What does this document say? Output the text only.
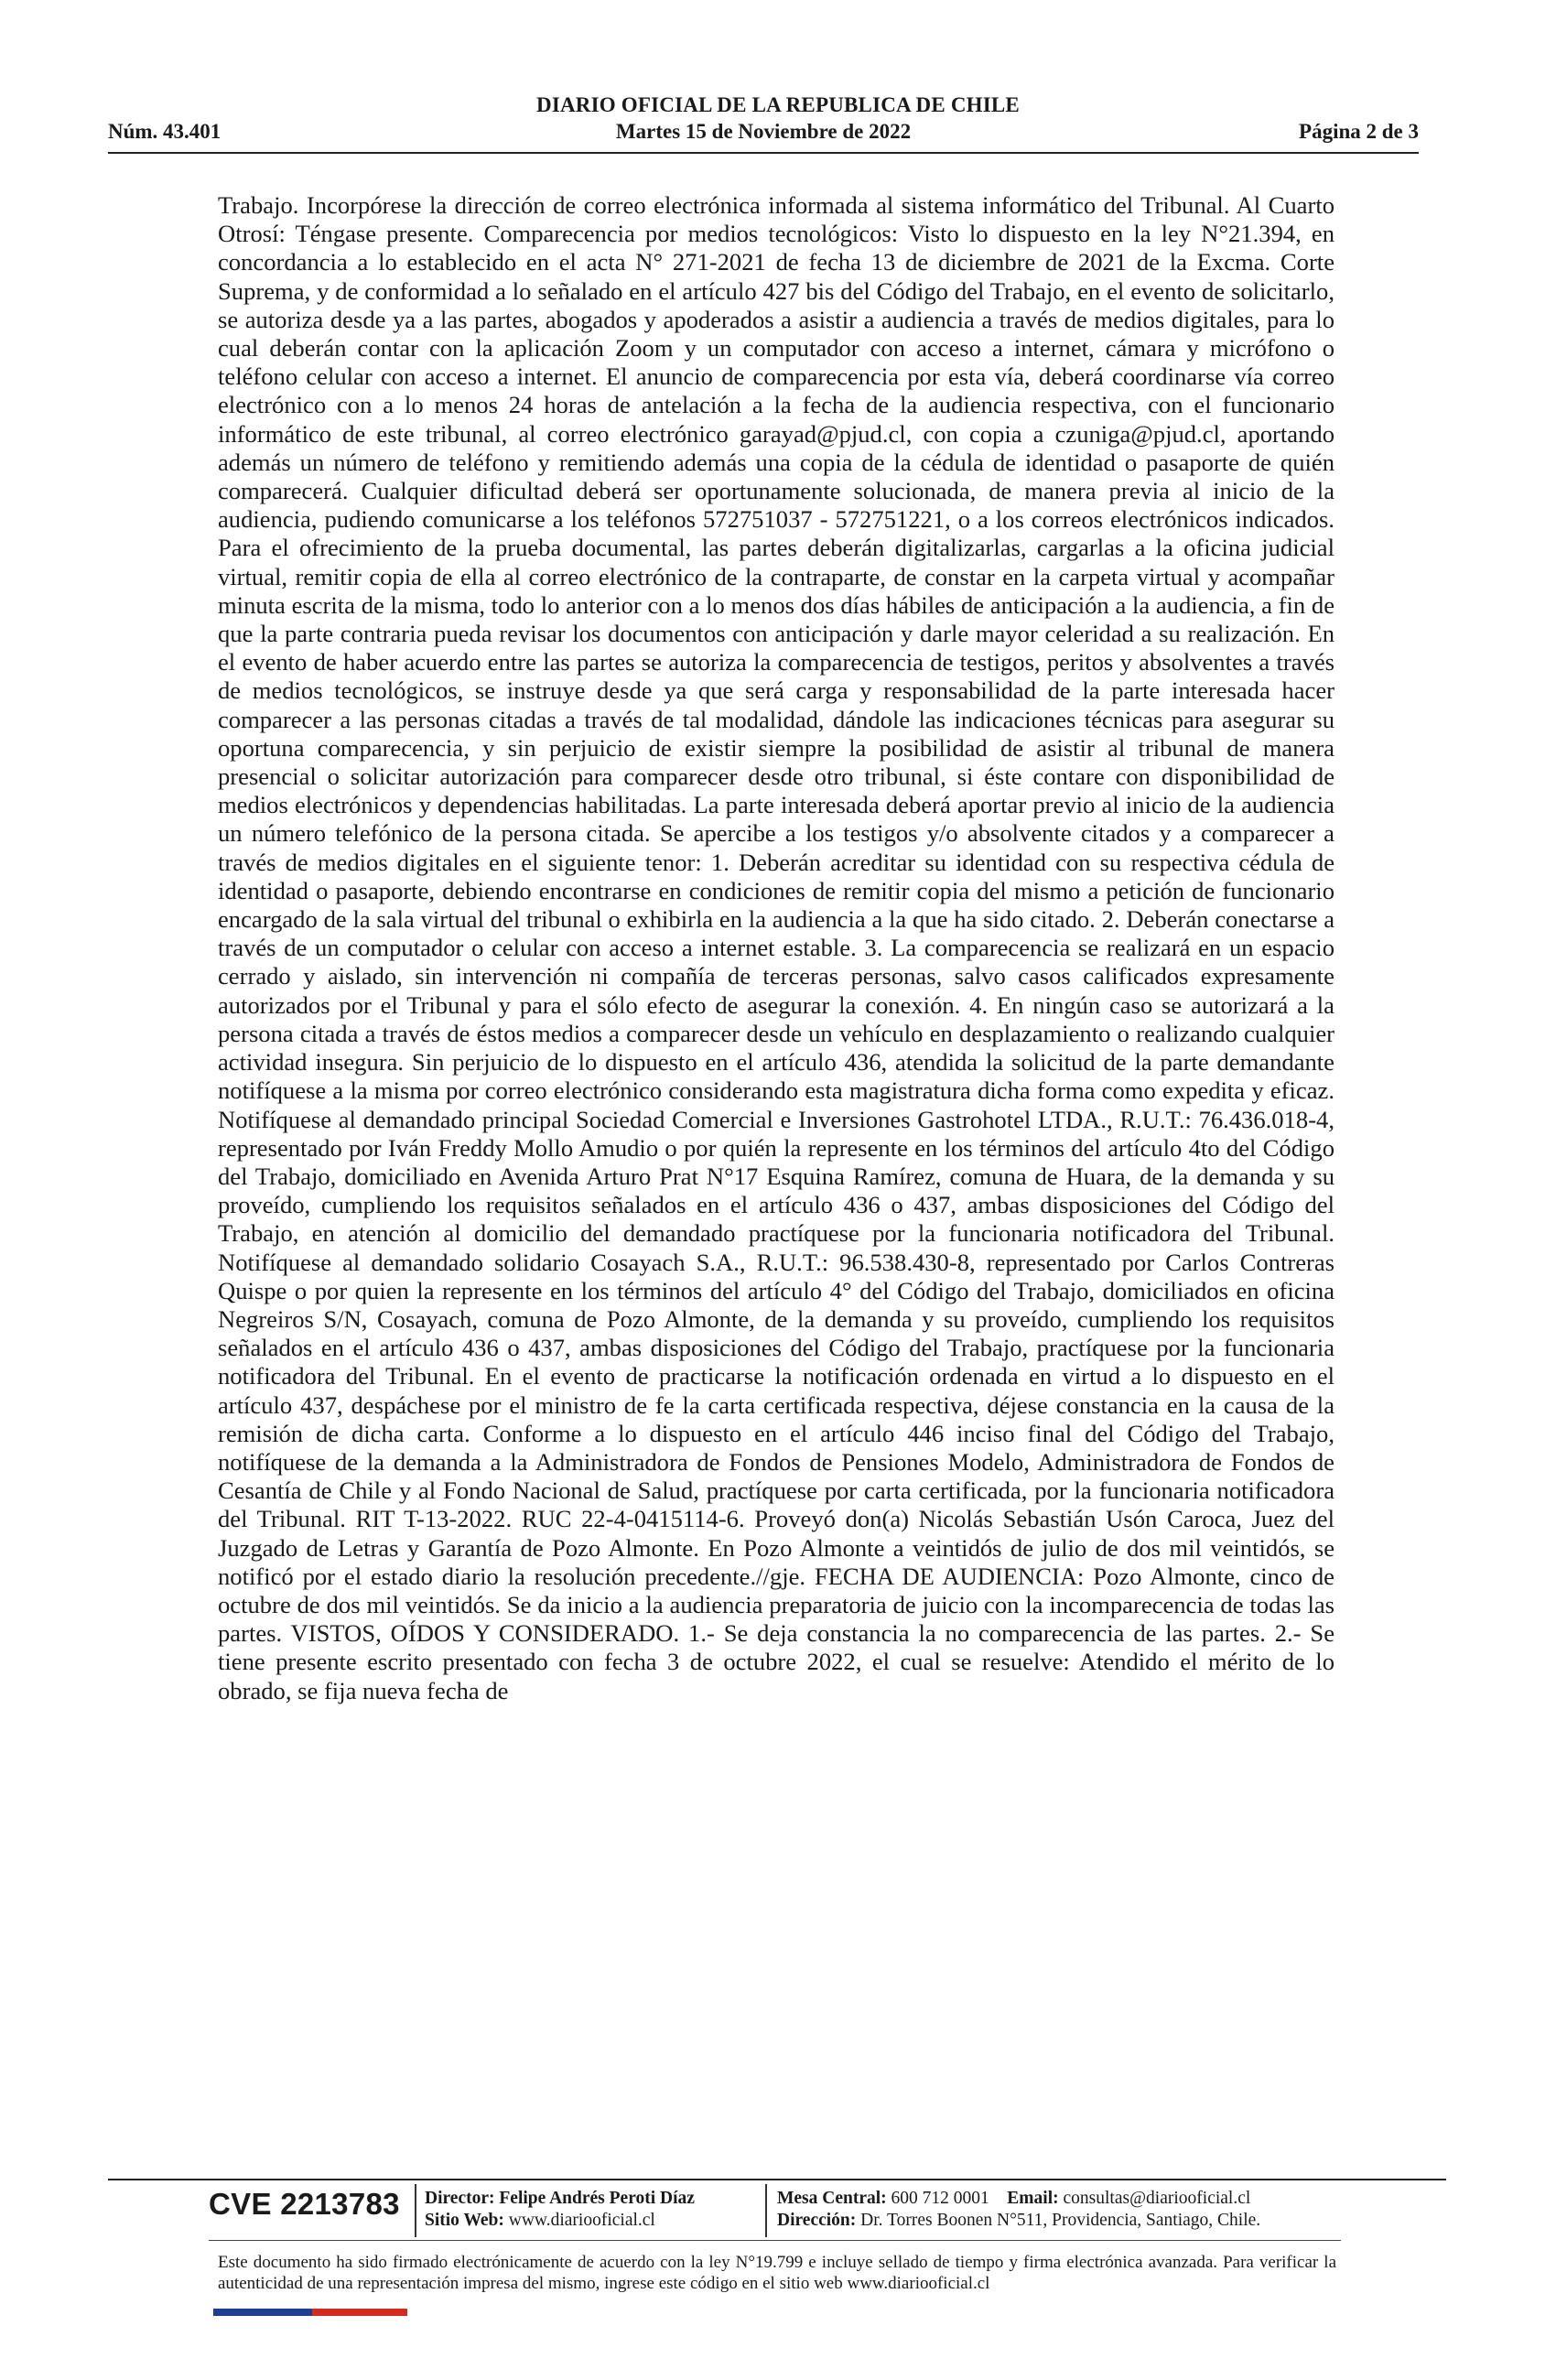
DIARIO OFICIAL DE LA REPUBLICA DE CHILE
Núm. 43.401	Martes 15 de Noviembre de 2022	Página 2 de 3

Trabajo. Incorpórese la dirección de correo electrónica informada al sistema informático del Tribunal. Al Cuarto Otrosí: Téngase presente. Comparecencia por medios tecnológicos: Visto lo dispuesto en la ley N°21.394, en concordancia a lo establecido en el acta N° 271-2021 de fecha 13 de diciembre de 2021 de la Excma. Corte Suprema, y de conformidad a lo señalado en el artículo 427 bis del Código del Trabajo, en el evento de solicitarlo, se autoriza desde ya a las partes, abogados y apoderados a asistir a audiencia a través de medios digitales, para lo cual deberán contar con la aplicación Zoom y un computador con acceso a internet, cámara y micrófono o teléfono celular con acceso a internet. El anuncio de comparecencia por esta vía, deberá coordinarse vía correo electrónico con a lo menos 24 horas de antelación a la fecha de la audiencia respectiva, con el funcionario informático de este tribunal, al correo electrónico garayad@pjud.cl, con copia a czuniga@pjud.cl, aportando además un número de teléfono y remitiendo además una copia de la cédula de identidad o pasaporte de quién comparecerá. Cualquier dificultad deberá ser oportunamente solucionada, de manera previa al inicio de la audiencia, pudiendo comunicarse a los teléfonos 572751037 - 572751221, o a los correos electrónicos indicados. Para el ofrecimiento de la prueba documental, las partes deberán digitalizarlas, cargarlas a la oficina judicial virtual, remitir copia de ella al correo electrónico de la contraparte, de constar en la carpeta virtual y acompañar minuta escrita de la misma, todo lo anterior con a lo menos dos días hábiles de anticipación a la audiencia, a fin de que la parte contraria pueda revisar los documentos con anticipación y darle mayor celeridad a su realización. En el evento de haber acuerdo entre las partes se autoriza la comparecencia de testigos, peritos y absolventes a través de medios tecnológicos, se instruye desde ya que será carga y responsabilidad de la parte interesada hacer comparecer a las personas citadas a través de tal modalidad, dándole las indicaciones técnicas para asegurar su oportuna comparecencia, y sin perjuicio de existir siempre la posibilidad de asistir al tribunal de manera presencial o solicitar autorización para comparecer desde otro tribunal, si éste contare con disponibilidad de medios electrónicos y dependencias habilitadas. La parte interesada deberá aportar previo al inicio de la audiencia un número telefónico de la persona citada. Se apercibe a los testigos y/o absolvente citados y a comparecer a través de medios digitales en el siguiente tenor: 1. Deberán acreditar su identidad con su respectiva cédula de identidad o pasaporte, debiendo encontrarse en condiciones de remitir copia del mismo a petición de funcionario encargado de la sala virtual del tribunal o exhibirla en la audiencia a la que ha sido citado. 2. Deberán conectarse a través de un computador o celular con acceso a internet estable. 3. La comparecencia se realizará en un espacio cerrado y aislado, sin intervención ni compañía de terceras personas, salvo casos calificados expresamente autorizados por el Tribunal y para el sólo efecto de asegurar la conexión. 4. En ningún caso se autorizará a la persona citada a través de éstos medios a comparecer desde un vehículo en desplazamiento o realizando cualquier actividad insegura. Sin perjuicio de lo dispuesto en el artículo 436, atendida la solicitud de la parte demandante notifíquese a la misma por correo electrónico considerando esta magistratura dicha forma como expedita y eficaz. Notifíquese al demandado principal Sociedad Comercial e Inversiones Gastrohotel LTDA., R.U.T.: 76.436.018-4, representado por Iván Freddy Mollo Amudio o por quién la represente en los términos del artículo 4to del Código del Trabajo, domiciliado en Avenida Arturo Prat N°17 Esquina Ramírez, comuna de Huara, de la demanda y su proveído, cumpliendo los requisitos señalados en el artículo 436 o 437, ambas disposiciones del Código del Trabajo, en atención al domicilio del demandado practíquese por la funcionaria notificadora del Tribunal. Notifíquese al demandado solidario Cosayach S.A., R.U.T.: 96.538.430-8, representado por Carlos Contreras Quispe o por quien la represente en los términos del artículo 4° del Código del Trabajo, domiciliados en oficina Negreiros S/N, Cosayach, comuna de Pozo Almonte, de la demanda y su proveído, cumpliendo los requisitos señalados en el artículo 436 o 437, ambas disposiciones del Código del Trabajo, practíquese por la funcionaria notificadora del Tribunal. En el evento de practicarse la notificación ordenada en virtud a lo dispuesto en el artículo 437, despáchese por el ministro de fe la carta certificada respectiva, déjese constancia en la causa de la remisión de dicha carta. Conforme a lo dispuesto en el artículo 446 inciso final del Código del Trabajo, notifíquese de la demanda a la Administradora de Fondos de Pensiones Modelo, Administradora de Fondos de Cesantía de Chile y al Fondo Nacional de Salud, practíquese por carta certificada, por la funcionaria notificadora del Tribunal. RIT T-13-2022. RUC 22-4-0415114-6. Proveyó don(a) Nicolás Sebastián Usón Caroca, Juez del Juzgado de Letras y Garantía de Pozo Almonte. En Pozo Almonte a veintidós de julio de dos mil veintidós, se notificó por el estado diario la resolución precedente.//gje. FECHA DE AUDIENCIA: Pozo Almonte, cinco de octubre de dos mil veintidós. Se da inicio a la audiencia preparatoria de juicio con la incomparecencia de todas las partes. VISTOS, OÍDOS Y CONSIDERADO. 1.- Se deja constancia la no comparecencia de las partes. 2.- Se tiene presente escrito presentado con fecha 3 de octubre 2022, el cual se resuelve: Atendido el mérito de lo obrado, se fija nueva fecha de

CVE 2213783 Director: Felipe Andrés Peroti Díaz
Sitio Web: www.diariooficial.cl
Mesa Central: 600 712 0001 Email: consultas@diariooficial.cl
Dirección: Dr. Torres Boonen N°511, Providencia, Santiago, Chile.

Este documento ha sido firmado electrónicamente de acuerdo con la ley N°19.799 e incluye sellado de tiempo y firma electrónica avanzada. Para verificar la autenticidad de una representación impresa del mismo, ingrese este código en el sitio web www.diariooficial.cl
